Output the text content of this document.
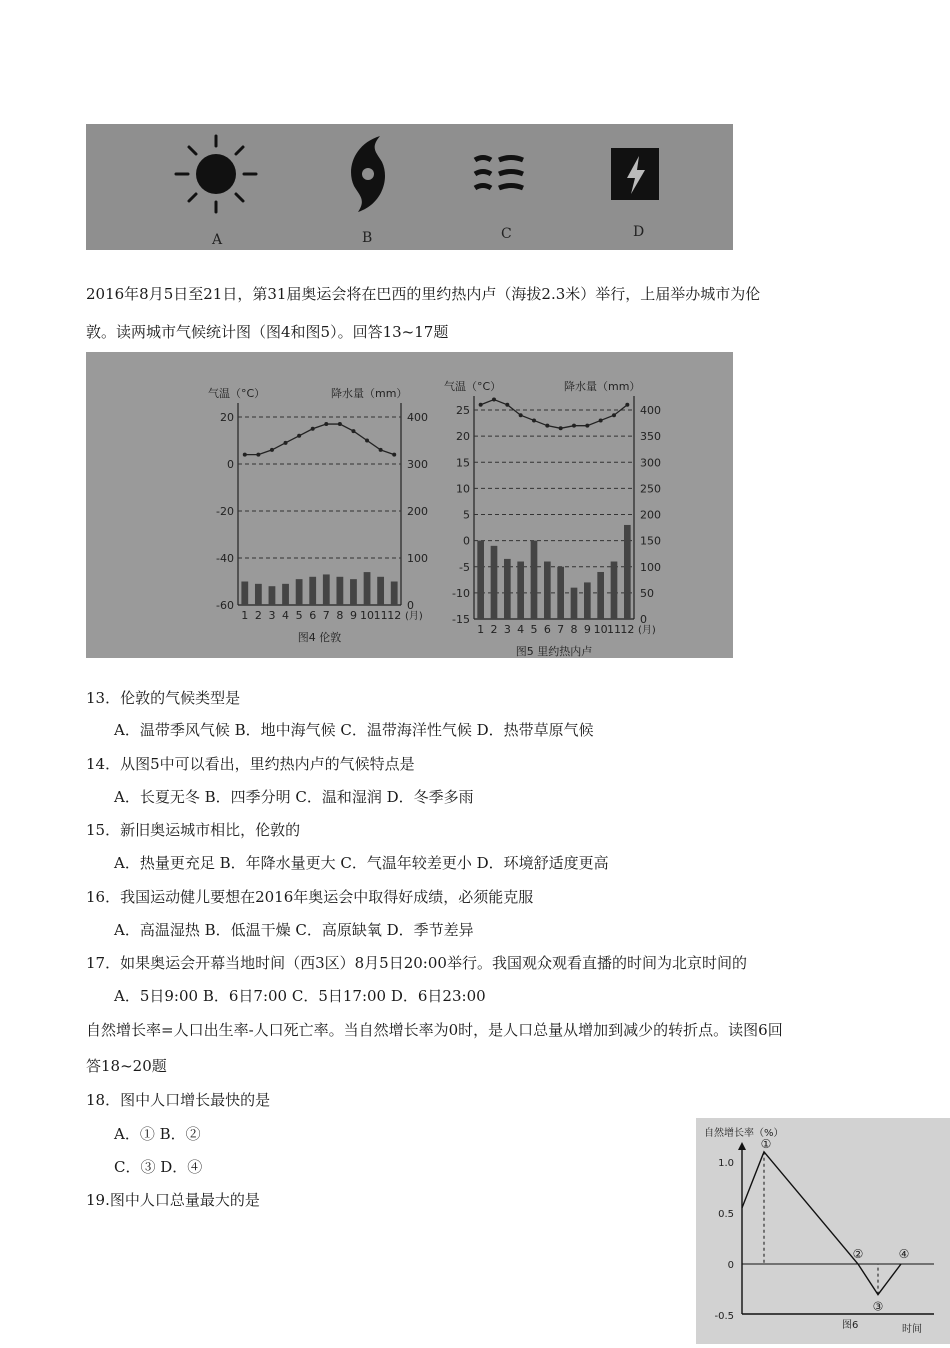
A	B	C	D
2016年8月5日至21日，第31届奥运会将在巴西的里约热内卢（海拔2.3米）举行，上届举办城市为伦
敦。读两城市气候统计图（图4和图5）。回答13~17题
400
300
200
100
0
20
0
-20
-40
-60
1 2 3 4 5 6 7 8 9 10 11 12 (月)
气温（°C）	降水量（mm）
图4 伦敦
400
350
300
250
200
150
100
50
0
25
20
15
10
5
0
-5
-10
-15
1 2 3 4 5 6 7 8 9 10 11 12 (月)
气温（°C）	降水量（mm）
图5 里约热内卢
13．伦敦的气候类型是
A．温带季风气候 B．地中海气候 C．温带海洋性气候 D．热带草原气候
14．从图5中可以看出，里约热内卢的气候特点是
A．长夏无冬 B．四季分明 C．温和湿润 D．冬季多雨
15．新旧奥运城市相比，伦敦的
A．热量更充足 B．年降水量更大 C．气温年较差更小 D．环境舒适度更高
16．我国运动健儿要想在2016年奥运会中取得好成绩，必须能克服
A．高温湿热 B．低温干燥 C．高原缺氧 D．季节差异
17．如果奥运会开幕当地时间（西3区）8月5日20:00举行。我国观众观看直播的时间为北京时间的
A．5日9:00 B．6日7:00 C．5日17:00 D．6日23:00
自然增长率=人口出生率-人口死亡率。当自然增长率为0时，是人口总量从增加到减少的转折点。读图6回
答18~20题
18．图中人口增长最快的是
A．① B．②
C．③ D．④
19.图中人口总量最大的是
1.0
0.5
0
-0.5
①
②
③
④
自然增长率（%）
时间
图6
